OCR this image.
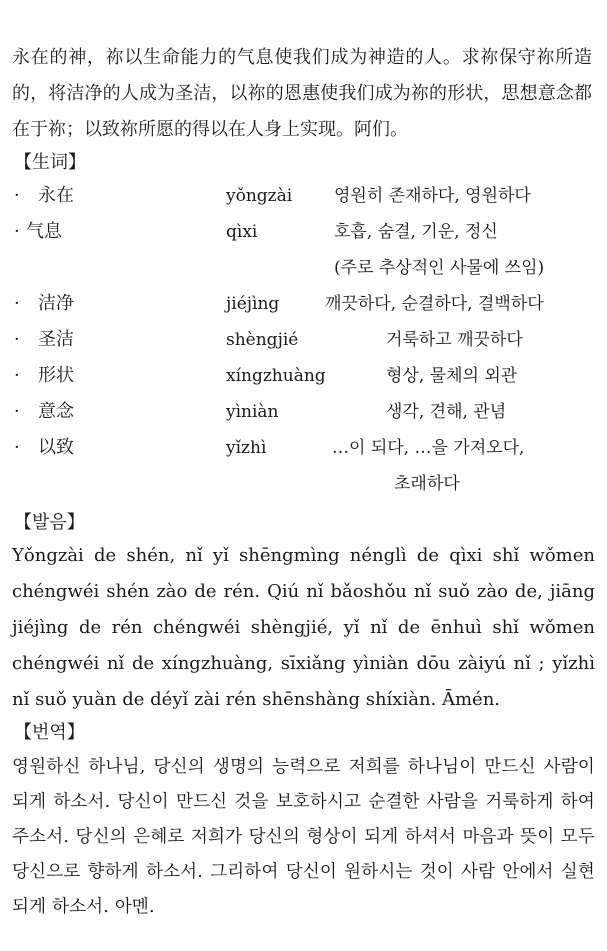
永在的神，祢以生命能力的气息使我们成为神造的人。求祢保守祢所造的，将洁净的人成为圣洁，以祢的恩惠使我们成为祢的形状，思想意念都在于祢；以致祢所愿的得以在人身上实现。阿们。

【生词】
· 永在	yǒngzài 영원히 존재하다, 영원하다
· 气息	qìxi	호흡, 숨결, 기운, 정신
(주로 추상적인 사물에 쓰임)
· 洁净	jiéjìng	깨끗하다, 순결하다, 결백하다
· 圣洁	shèngjié	거룩하고 깨끗하다
· 形状	xíngzhuàng	형상, 물체의 외관
· 意念	yìniàn	생각, 견해, 관념
· 以致	yǐzhì	…이 되다, …을 가져오다,
초래하다
【발음】

Yǒngzài de shén, nǐ yǐ shēngmìng nénglì de qìxi shǐ wǒmen chéngwéi shén zào de rén. Qiú nǐ bǎoshǒu nǐ suǒ zào de, jiāng jiéjìng de rén chéngwéi shèngjié, yǐ nǐ de ēnhuì shǐ wǒmen chéngwéi nǐ de xíngzhuàng, sīxiǎng yìniàn dōu zàiyú nǐ ; yǐzhì nǐ suǒ yuàn de déyǐ zài rén shēnshàng shíxiàn. Āmén.

【번역】

영원하신 하나님, 당신의 생명의 능력으로 저희를 하나님이 만드신 사람이 되게 하소서. 당신이 만드신 것을 보호하시고 순결한 사람을 거룩하게 하여주소서. 당신의 은혜로 저희가 당신의 형상이 되게 하셔서 마음과 뜻이 모두 당신으로 향하게 하소서. 그리하여 당신이 원하시는 것이 사람 안에서 실현되게 하소서. 아멘.
